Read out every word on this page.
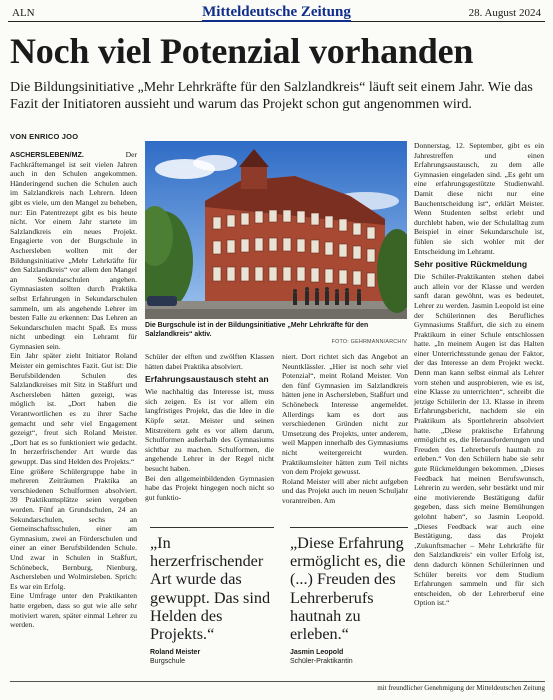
ALN	Mitteldeutsche Zeitung	28. August 2024
Noch viel Potenzial vorhanden
Die Bildungsinitiative „Mehr Lehrkräfte für den Salzlandkreis“ läuft seit einem Jahr. Wie das Fazit der Initiatoren aussieht und warum das Projekt schon gut angenommen wird.
VON ENRICO JOO

ASCHERSLEBEN/MZ.	Der Fachkräftemangel ist seit vielen Jahren auch in den Schulen angekommen. Händeringend suchen die Schulen auch im Salzlandkreis nach Lehrern. Ideen gibt es viele, um den Mangel zu beheben, nur: Ein Patentrezept gibt es bis heute nicht. Vor einem Jahr startete im Salzlandkreis ein neues Projekt. Engagierte von der Burgschule in Aschersleben wollten mit der Bildungsinitiative „Mehr Lehrkräfte für den Salzlandkreis“ vor allem den Mangel an Sekundarschulen angehen. Gymnasiasten sollten durch Praktika selbst Erfahrungen in Sekundarschulen sammeln, um als angehende Lehrer im besten Falle zu erkennen: Das Lehren an Sekundarschulen macht Spaß. Es muss nicht unbedingt ein Lehramt für Gymnasien sein.

Ein Jahr später zieht Initiator Roland Meister ein gemischtes Fazit. Gut ist: Die Berufsbildenden Schulen des Salzlandkreises mit Sitz in Staßfurt und Aschersleben hätten gezeigt, was möglich ist. „Dort haben die Verantwortlichen es zu ihrer Sache gemacht und sehr viel Engagement gezeigt“, freut sich Roland Meister. „Dort hat es so funktioniert wie gedacht. In herzerfrischender Art wurde das gewuppt. Das sind Helden des Projekts.“

Eine größere Schülergruppe habe in mehreren Zeiträumen Praktika an verschiedenen Schulformen absolviert. 39 Praktikumsplätze seien vergeben worden. Fünf an Grundschulen, 24 an Sekundarschulen, sechs an Gemeinschaftsschulen, einer am Gymnasium, zwei an Förderschulen und einer an einer Berufsbildenden Schule. Und zwar in Schulen in Staßfurt, Schönebeck, Bernburg, Nienburg, Aschersleben und Wolmirsleben. Sprich: Es war ein Erfolg.

Eine Umfrage unter den Praktikanten hatte ergeben, dass so gut wie alle sehr motiviert waren, später einmal Lehrer zu werden.

Die Burgschule ist in der Bildungsinitiative „Mehr Lehrkräfte für den Salzlandkreis“ aktiv.
FOTO: GEHRMANN/ARCHIV

Schüler der elften und zwölften Klassen hätten dabei Praktika absolviert.

Erfahrungsaustausch steht an

Wie nachhaltig das Interesse ist, muss sich zeigen. Es ist vor allem ein langfristiges Projekt, das die Idee in die Köpfe setzt. Meister und seinen Mitstreitern geht es vor allem darum, Schulformen außerhalb des Gymnasiums sichtbar zu machen. Schulformen, die angehende Lehrer in der Regel nicht besucht haben.

Bei den allgemeinbildenden Gymnasien habe das Projekt hingegen noch nicht so gut funktio-

niert. Dort richtet sich das Angebot an Neuntklässler. „Hier ist noch sehr viel Potenzial“, meint Roland Meister. Von den fünf Gymnasien im Salzlandkreis hätten jene in Aschersleben, Staßfurt und Schönebeck Interesse angemeldet. Allerdings kam es dort aus verschiedenen Gründen nicht zur Umsetzung des Projekts, unter anderem, weil Mappen innerhalb des Gymnasiums nicht weitergereicht wurden. Praktikumsleiter hätten zum Teil nichts von dem Projekt gewusst.

Roland Meister will aber nicht aufgeben und das Projekt auch im neuen Schuljahr vorantreiben. Am

„In herzerfrischender Art wurde das gewuppt. Das sind Helden des Projekts.“
Roland Meister
Burgschule
„Diese Erfahrung ermöglicht es, die (...) Freuden des Lehrerberufs hautnah zu erleben.“
Jasmin Leopold
Schüler-Praktikantin

Donnerstag, 12. September, gibt es ein Jahrestreffen und einen Erfahrungsaustausch, zu dem alle Gymnasien eingeladen sind. „Es geht um eine erfahrungsgestützte Studienwahl. Damit diese nicht nur eine Bauchentscheidung ist“, erklärt Meister. Wenn Studenten selbst erlebt und durchlebt haben, wie der Schulalltag zum Beispiel in einer Sekundarschule ist, fühlen sie sich wohler mit der Entscheidung im Lehramt.

Sehr positive Rückmeldung

Die Schüler-Praktikanten stehen dabei auch allein vor der Klasse und werden sanft daran gewöhnt, was es bedeutet, Lehrer zu werden. Jasmin Leopold ist eine der Schülerinnen des Berufliches Gymnasiums Staßfurt, die sich zu einem Praktikum in einer Schule entschlossen hatte. „In meinem Augen ist das Halten einer Unterrichtsstunde genau der Faktor, der das Interesse an dem Projekt weckt. Denn man kann selbst einmal als Lehrer vorn stehen und ausprobieren, wie es ist, eine Klasse zu unterrichten“, schreibt die jetzige Schülerin der 13. Klasse in ihrem Erfahrungsbericht, nachdem sie ein Praktikum als Sportlehrerin absolviert hatte. „Diese praktische Erfahrung ermöglicht es, die Herausforderungen und Freuden des Lehrerberufs hautnah zu erleben.“ Von den Schülern habe sie sehr gute Rückmeldungen bekommen. „Dieses Feedback hat meinen Berufswunsch, Lehrerin zu werden, sehr bestärkt und mir eine motivierende Bestätigung dafür gegeben, dass sich meine Bemühungen gelohnt haben“, so Jasmin Leopold. „Dieses Feedback war auch eine Bestätigung, dass das Projekt ‚Zukunftsmacher – Mehr Lehrkräfte für den Salzlandkreis‘ ein voller Erfolg ist, denn dadurch können Schülerinnen und Schüler bereits vor dem Studium Erfahrungen sammeln und für sich entscheiden, ob der Lehrerberuf eine Option ist.“

mit freundlicher Genehmigung der Mitteldeutschen Zeitung
